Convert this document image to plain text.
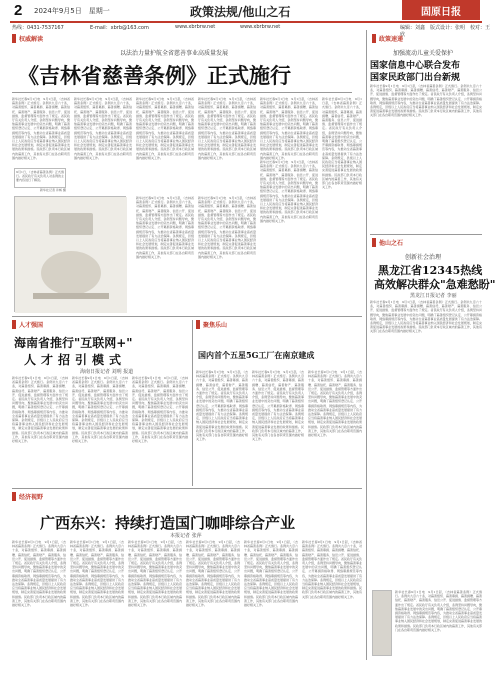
2 2024年9月5日　星期一	政策法规/他山之石	固原日报
热线：0431-7537167	E-mail：xbrb@163.com	www.xbrbrw.net	www.xbrbrw.net	编辑：刘鑫　版式设计：张明　校对：王欣
权威解读
以法治力量护航全省慈善事业高质量发展
《吉林省慈善条例》正式施行
新华社长春9月1日电　9月1日起，《吉林省慈善条例》正式施行。条例共九章六十条，对慈善组织、慈善募捐、慈善捐赠、慈善信托、慈善财产、慈善服务、信息公开、促进措施、监督管理等方面作出了规定。省民政厅有关负责人介绍，条例坚持问题导向，聚焦慈善事业发展中的突出问题，明确了慈善组织登记认定、公开募捐资格取得、网络募捐规范等内容，为推动全省慈善事业高质量发展提供了有力法治保障。条例规定，县级以上人民政府应当将慈善事业纳入国民经济和社会发展规划，制定完善促进慈善事业发展的政策和措施。民政部门负责本行政区域内的慈善工作，其他有关部门在各自职责范围内做好相关工作。
新华社长春9月1日电　9月1日起，《吉林省慈善条例》正式施行。条例共九章六十条，对慈善组织、慈善募捐、慈善捐赠、慈善信托、慈善财产、慈善服务、信息公开、促进措施、监督管理等方面作出了规定。省民政厅有关负责人介绍，条例坚持问题导向，聚焦慈善事业发展中的突出问题，明确了慈善组织登记认定、公开募捐资格取得、网络募捐规范等内容，为推动全省慈善事业高质量发展提供了有力法治保障。条例规定，县级以上人民政府应当将慈善事业纳入国民经济和社会发展规划，制定完善促进慈善事业发展的政策和措施。民政部门负责本行政区域内的慈善工作，其他有关部门在各自职责范围内做好相关工作。
新华社长春9月1日电　9月1日起，《吉林省慈善条例》正式施行。条例共九章六十条，对慈善组织、慈善募捐、慈善捐赠、慈善信托、慈善财产、慈善服务、信息公开、促进措施、监督管理等方面作出了规定。省民政厅有关负责人介绍，条例坚持问题导向，聚焦慈善事业发展中的突出问题，明确了慈善组织登记认定、公开募捐资格取得、网络募捐规范等内容，为推动全省慈善事业高质量发展提供了有力法治保障。条例规定，县级以上人民政府应当将慈善事业纳入国民经济和社会发展规划，制定完善促进慈善事业发展的政策和措施。民政部门负责本行政区域内的慈善工作，其他有关部门在各自职责范围内做好相关工作。
新华社长春9月1日电　9月1日起，《吉林省慈善条例》正式施行。条例共九章六十条，对慈善组织、慈善募捐、慈善捐赠、慈善信托、慈善财产、慈善服务、信息公开、促进措施、监督管理等方面作出了规定。省民政厅有关负责人介绍，条例坚持问题导向，聚焦慈善事业发展中的突出问题，明确了慈善组织登记认定、公开募捐资格取得、网络募捐规范等内容，为推动全省慈善事业高质量发展提供了有力法治保障。条例规定，县级以上人民政府应当将慈善事业纳入国民经济和社会发展规划，制定完善促进慈善事业发展的政策和措施。民政部门负责本行政区域内的慈善工作，其他有关部门在各自职责范围内做好相关工作。
新华社长春9月1日电　9月1日起，《吉林省慈善条例》正式施行。条例共九章六十条，对慈善组织、慈善募捐、慈善捐赠、慈善信托、慈善财产、慈善服务、信息公开、促进措施、监督管理等方面作出了规定。省民政厅有关负责人介绍，条例坚持问题导向，聚焦慈善事业发展中的突出问题，明确了慈善组织登记认定、公开募捐资格取得、网络募捐规范等内容，为推动全省慈善事业高质量发展提供了有力法治保障。条例规定，县级以上人民政府应当将慈善事业纳入国民经济和社会发展规划，制定完善促进慈善事业发展的政策和措施。民政部门负责本行政区域内的慈善工作，其他有关部门在各自职责范围内做好相关工作。
9月1日，《吉林省慈善条例》正式施行。省民政厅有关负责人对条例的主要内容进行了解读。
新华社记者 许畅 摄
新华社长春9月1日电　9月1日起，《吉林省慈善条例》正式施行。条例共九章六十条，对慈善组织、慈善募捐、慈善捐赠、慈善信托、慈善财产、慈善服务、信息公开、促进措施、监督管理等方面作出了规定。省民政厅有关负责人介绍，条例坚持问题导向，聚焦慈善事业发展中的突出问题，明确了慈善组织登记认定、公开募捐资格取得、网络募捐规范等内容，为推动全省慈善事业高质量发展提供了有力法治保障。条例规定，县级以上人民政府应当将慈善事业纳入国民经济和社会发展规划，制定完善促进慈善事业发展的政策和措施。民政部门负责本行政区域内的慈善工作，其他有关部门在各自职责范围内做好相关工作。
新华社长春9月1日电　9月1日起，《吉林省慈善条例》正式施行。条例共九章六十条，对慈善组织、慈善募捐、慈善捐赠、慈善信托、慈善财产、慈善服务、信息公开、促进措施、监督管理等方面作出了规定。省民政厅有关负责人介绍，条例坚持问题导向，聚焦慈善事业发展中的突出问题，明确了慈善组织登记认定、公开募捐资格取得、网络募捐规范等内容，为推动全省慈善事业高质量发展提供了有力法治保障。条例规定，县级以上人民政府应当将慈善事业纳入国民经济和社会发展规划，制定完善促进慈善事业发展的政策和措施。民政部门负责本行政区域内的慈善工作，其他有关部门在各自职责范围内做好相关工作。
新华社长春9月1日电　9月1日起，《吉林省慈善条例》正式施行。条例共九章六十条，对慈善组织、慈善募捐、慈善捐赠、慈善信托、慈善财产、慈善服务、信息公开、促进措施、监督管理等方面作出了规定。省民政厅有关负责人介绍，条例坚持问题导向，聚焦慈善事业发展中的突出问题，明确了慈善组织登记认定、公开募捐资格取得、网络募捐规范等内容，为推动全省慈善事业高质量发展提供了有力法治保障。条例规定，县级以上人民政府应当将慈善事业纳入国民经济和社会发展规划，制定完善促进慈善事业发展的政策和措施。民政部门负责本行政区域内的慈善工作，其他有关部门在各自职责范围内做好相关工作。
新华社长春9月1日电　9月1日起，《吉林省慈善条例》正式施行。条例共九章六十条，对慈善组织、慈善募捐、慈善捐赠、慈善信托、慈善财产、慈善服务、信息公开、促进措施、监督管理等方面作出了规定。省民政厅有关负责人介绍，条例坚持问题导向，聚焦慈善事业发展中的突出问题，明确了慈善组织登记认定、公开募捐资格取得、网络募捐规范等内容，为推动全省慈善事业高质量发展提供了有力法治保障。条例规定，县级以上人民政府应当将慈善事业纳入国民经济和社会发展规划，制定完善促进慈善事业发展的政策和措施。民政部门负责本行政区域内的慈善工作，其他有关部门在各自职责范围内做好相关工作。
政策速递
加强流动儿童关爱保护
国家信息中心联合发布
国家民政部门出台新规
新华社长春9月1日电　9月1日起，《吉林省慈善条例》正式施行。条例共九章六十条，对慈善组织、慈善募捐、慈善捐赠、慈善信托、慈善财产、慈善服务、信息公开、促进措施、监督管理等方面作出了规定。省民政厅有关负责人介绍，条例坚持问题导向，聚焦慈善事业发展中的突出问题，明确了慈善组织登记认定、公开募捐资格取得、网络募捐规范等内容，为推动全省慈善事业高质量发展提供了有力法治保障。条例规定，县级以上人民政府应当将慈善事业纳入国民经济和社会发展规划，制定完善促进慈善事业发展的政策和措施。民政部门负责本行政区域内的慈善工作，其他有关部门在各自职责范围内做好相关工作。
他山之石
创新社会治理
黑龙江省12345热线
高效解决群众"急难愁盼"
黑龙江日报记者 李丽
新华社长春9月1日电　9月1日起，《吉林省慈善条例》正式施行。条例共九章六十条，对慈善组织、慈善募捐、慈善捐赠、慈善信托、慈善财产、慈善服务、信息公开、促进措施、监督管理等方面作出了规定。省民政厅有关负责人介绍，条例坚持问题导向，聚焦慈善事业发展中的突出问题，明确了慈善组织登记认定、公开募捐资格取得、网络募捐规范等内容，为推动全省慈善事业高质量发展提供了有力法治保障。条例规定，县级以上人民政府应当将慈善事业纳入国民经济和社会发展规划，制定完善促进慈善事业发展的政策和措施。民政部门负责本行政区域内的慈善工作，其他有关部门在各自职责范围内做好相关工作。
新华社长春9月1日电　9月1日起，《吉林省慈善条例》正式施行。条例共九章六十条，对慈善组织、慈善募捐、慈善捐赠、慈善信托、慈善财产、慈善服务、信息公开、促进措施、监督管理等方面作出了规定。省民政厅有关负责人介绍，条例坚持问题导向，聚焦慈善事业发展中的突出问题，明确了慈善组织登记认定、公开募捐资格取得、网络募捐规范等内容，为推动全省慈善事业高质量发展提供了有力法治保障。条例规定，县级以上人民政府应当将慈善事业纳入国民经济和社会发展规划，制定完善促进慈善事业发展的政策和措施。民政部门负责本行政区域内的慈善工作，其他有关部门在各自职责范围内做好相关工作。
人才强国
海南省推行"互联网+"
人才招引模式
海南日报记者 刘明 报道
新华社长春9月1日电　9月1日起，《吉林省慈善条例》正式施行。条例共九章六十条，对慈善组织、慈善募捐、慈善捐赠、慈善信托、慈善财产、慈善服务、信息公开、促进措施、监督管理等方面作出了规定。省民政厅有关负责人介绍，条例坚持问题导向，聚焦慈善事业发展中的突出问题，明确了慈善组织登记认定、公开募捐资格取得、网络募捐规范等内容，为推动全省慈善事业高质量发展提供了有力法治保障。条例规定，县级以上人民政府应当将慈善事业纳入国民经济和社会发展规划，制定完善促进慈善事业发展的政策和措施。民政部门负责本行政区域内的慈善工作，其他有关部门在各自职责范围内做好相关工作。
新华社长春9月1日电　9月1日起，《吉林省慈善条例》正式施行。条例共九章六十条，对慈善组织、慈善募捐、慈善捐赠、慈善信托、慈善财产、慈善服务、信息公开、促进措施、监督管理等方面作出了规定。省民政厅有关负责人介绍，条例坚持问题导向，聚焦慈善事业发展中的突出问题，明确了慈善组织登记认定、公开募捐资格取得、网络募捐规范等内容，为推动全省慈善事业高质量发展提供了有力法治保障。条例规定，县级以上人民政府应当将慈善事业纳入国民经济和社会发展规划，制定完善促进慈善事业发展的政策和措施。民政部门负责本行政区域内的慈善工作，其他有关部门在各自职责范围内做好相关工作。
新华社长春9月1日电　9月1日起，《吉林省慈善条例》正式施行。条例共九章六十条，对慈善组织、慈善募捐、慈善捐赠、慈善信托、慈善财产、慈善服务、信息公开、促进措施、监督管理等方面作出了规定。省民政厅有关负责人介绍，条例坚持问题导向，聚焦慈善事业发展中的突出问题，明确了慈善组织登记认定、公开募捐资格取得、网络募捐规范等内容，为推动全省慈善事业高质量发展提供了有力法治保障。条例规定，县级以上人民政府应当将慈善事业纳入国民经济和社会发展规划，制定完善促进慈善事业发展的政策和措施。民政部门负责本行政区域内的慈善工作，其他有关部门在各自职责范围内做好相关工作。
聚焦乐山
国内首个五星5G工厂在南京建成
新华社长春9月1日电　9月1日起，《吉林省慈善条例》正式施行。条例共九章六十条，对慈善组织、慈善募捐、慈善捐赠、慈善信托、慈善财产、慈善服务、信息公开、促进措施、监督管理等方面作出了规定。省民政厅有关负责人介绍，条例坚持问题导向，聚焦慈善事业发展中的突出问题，明确了慈善组织登记认定、公开募捐资格取得、网络募捐规范等内容，为推动全省慈善事业高质量发展提供了有力法治保障。条例规定，县级以上人民政府应当将慈善事业纳入国民经济和社会发展规划，制定完善促进慈善事业发展的政策和措施。民政部门负责本行政区域内的慈善工作，其他有关部门在各自职责范围内做好相关工作。
新华社长春9月1日电　9月1日起，《吉林省慈善条例》正式施行。条例共九章六十条，对慈善组织、慈善募捐、慈善捐赠、慈善信托、慈善财产、慈善服务、信息公开、促进措施、监督管理等方面作出了规定。省民政厅有关负责人介绍，条例坚持问题导向，聚焦慈善事业发展中的突出问题，明确了慈善组织登记认定、公开募捐资格取得、网络募捐规范等内容，为推动全省慈善事业高质量发展提供了有力法治保障。条例规定，县级以上人民政府应当将慈善事业纳入国民经济和社会发展规划，制定完善促进慈善事业发展的政策和措施。民政部门负责本行政区域内的慈善工作，其他有关部门在各自职责范围内做好相关工作。
新华社长春9月1日电　9月1日起，《吉林省慈善条例》正式施行。条例共九章六十条，对慈善组织、慈善募捐、慈善捐赠、慈善信托、慈善财产、慈善服务、信息公开、促进措施、监督管理等方面作出了规定。省民政厅有关负责人介绍，条例坚持问题导向，聚焦慈善事业发展中的突出问题，明确了慈善组织登记认定、公开募捐资格取得、网络募捐规范等内容，为推动全省慈善事业高质量发展提供了有力法治保障。条例规定，县级以上人民政府应当将慈善事业纳入国民经济和社会发展规划，制定完善促进慈善事业发展的政策和措施。民政部门负责本行政区域内的慈善工作，其他有关部门在各自职责范围内做好相关工作。
经济视野
广西东兴：持续打造国门咖啡综合产业
本报记者 张萍
新华社长春9月1日电　9月1日起，《吉林省慈善条例》正式施行。条例共九章六十条，对慈善组织、慈善募捐、慈善捐赠、慈善信托、慈善财产、慈善服务、信息公开、促进措施、监督管理等方面作出了规定。省民政厅有关负责人介绍，条例坚持问题导向，聚焦慈善事业发展中的突出问题，明确了慈善组织登记认定、公开募捐资格取得、网络募捐规范等内容，为推动全省慈善事业高质量发展提供了有力法治保障。条例规定，县级以上人民政府应当将慈善事业纳入国民经济和社会发展规划，制定完善促进慈善事业发展的政策和措施。民政部门负责本行政区域内的慈善工作，其他有关部门在各自职责范围内做好相关工作。
新华社长春9月1日电　9月1日起，《吉林省慈善条例》正式施行。条例共九章六十条，对慈善组织、慈善募捐、慈善捐赠、慈善信托、慈善财产、慈善服务、信息公开、促进措施、监督管理等方面作出了规定。省民政厅有关负责人介绍，条例坚持问题导向，聚焦慈善事业发展中的突出问题，明确了慈善组织登记认定、公开募捐资格取得、网络募捐规范等内容，为推动全省慈善事业高质量发展提供了有力法治保障。条例规定，县级以上人民政府应当将慈善事业纳入国民经济和社会发展规划，制定完善促进慈善事业发展的政策和措施。民政部门负责本行政区域内的慈善工作，其他有关部门在各自职责范围内做好相关工作。
新华社长春9月1日电　9月1日起，《吉林省慈善条例》正式施行。条例共九章六十条，对慈善组织、慈善募捐、慈善捐赠、慈善信托、慈善财产、慈善服务、信息公开、促进措施、监督管理等方面作出了规定。省民政厅有关负责人介绍，条例坚持问题导向，聚焦慈善事业发展中的突出问题，明确了慈善组织登记认定、公开募捐资格取得、网络募捐规范等内容，为推动全省慈善事业高质量发展提供了有力法治保障。条例规定，县级以上人民政府应当将慈善事业纳入国民经济和社会发展规划，制定完善促进慈善事业发展的政策和措施。民政部门负责本行政区域内的慈善工作，其他有关部门在各自职责范围内做好相关工作。
新华社长春9月1日电　9月1日起，《吉林省慈善条例》正式施行。条例共九章六十条，对慈善组织、慈善募捐、慈善捐赠、慈善信托、慈善财产、慈善服务、信息公开、促进措施、监督管理等方面作出了规定。省民政厅有关负责人介绍，条例坚持问题导向，聚焦慈善事业发展中的突出问题，明确了慈善组织登记认定、公开募捐资格取得、网络募捐规范等内容，为推动全省慈善事业高质量发展提供了有力法治保障。条例规定，县级以上人民政府应当将慈善事业纳入国民经济和社会发展规划，制定完善促进慈善事业发展的政策和措施。民政部门负责本行政区域内的慈善工作，其他有关部门在各自职责范围内做好相关工作。
新华社长春9月1日电　9月1日起，《吉林省慈善条例》正式施行。条例共九章六十条，对慈善组织、慈善募捐、慈善捐赠、慈善信托、慈善财产、慈善服务、信息公开、促进措施、监督管理等方面作出了规定。省民政厅有关负责人介绍，条例坚持问题导向，聚焦慈善事业发展中的突出问题，明确了慈善组织登记认定、公开募捐资格取得、网络募捐规范等内容，为推动全省慈善事业高质量发展提供了有力法治保障。条例规定，县级以上人民政府应当将慈善事业纳入国民经济和社会发展规划，制定完善促进慈善事业发展的政策和措施。民政部门负责本行政区域内的慈善工作，其他有关部门在各自职责范围内做好相关工作。
新华社长春9月1日电　9月1日起，《吉林省慈善条例》正式施行。条例共九章六十条，对慈善组织、慈善募捐、慈善捐赠、慈善信托、慈善财产、慈善服务、信息公开、促进措施、监督管理等方面作出了规定。省民政厅有关负责人介绍，条例坚持问题导向，聚焦慈善事业发展中的突出问题，明确了慈善组织登记认定、公开募捐资格取得、网络募捐规范等内容，为推动全省慈善事业高质量发展提供了有力法治保障。条例规定，县级以上人民政府应当将慈善事业纳入国民经济和社会发展规划，制定完善促进慈善事业发展的政策和措施。民政部门负责本行政区域内的慈善工作，其他有关部门在各自职责范围内做好相关工作。
